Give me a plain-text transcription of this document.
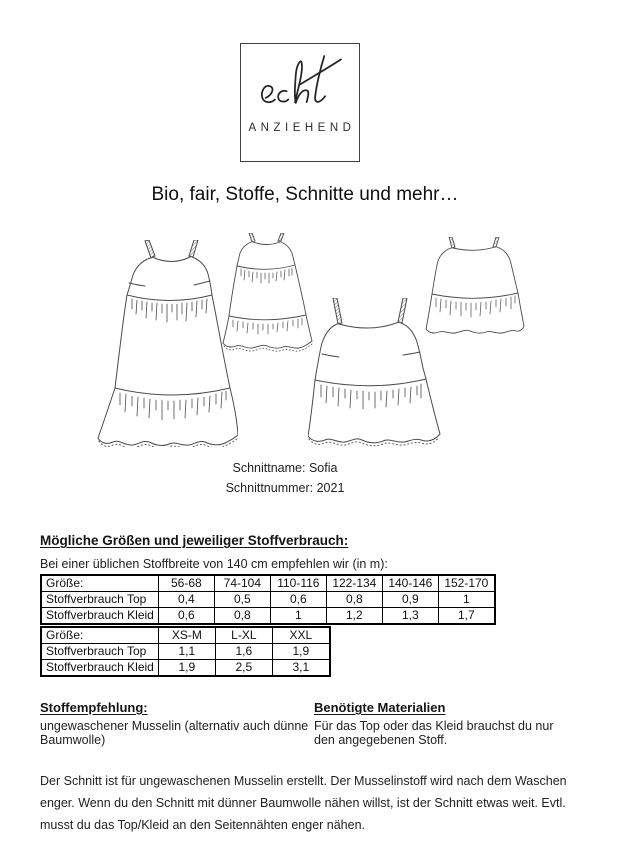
ANZIEHEND
Bio, fair, Stoffe, Schnitte und mehr…
Schnittname: Sofia
Schnittnummer: 2021
Mögliche Größen und jeweiliger Stoffverbrauch:
Bei einer üblichen Stoffbreite von 140 cm empfehlen wir (in m):
Größe:	56-68	74-104	110-116	122-134	140-146	152-170
Stoffverbrauch Top	0,4	0,5	0,6	0,8	0,9	1
Stoffverbrauch Kleid	0,6	0,8	1	1,2	1,3	1,7
Größe:	XS-M	L-XL	XXL
Stoffverbrauch Top	1,1	1,6	1,9
Stoffverbrauch Kleid	1,9	2,5	3,1
Stoffempfehlung:
ungewaschener Musselin (alternativ auch dünne Baumwolle)
Benötigte Materialien
Für das Top oder das Kleid brauchst du nur den angegebenen Stoff.
Der Schnitt ist für ungewaschenen Musselin erstellt. Der Musselinstoff wird nach dem Waschen enger. Wenn du den Schnitt mit dünner Baumwolle nähen willst, ist der Schnitt etwas weit. Evtl. musst du das Top/Kleid an den Seitennähten enger nähen.
